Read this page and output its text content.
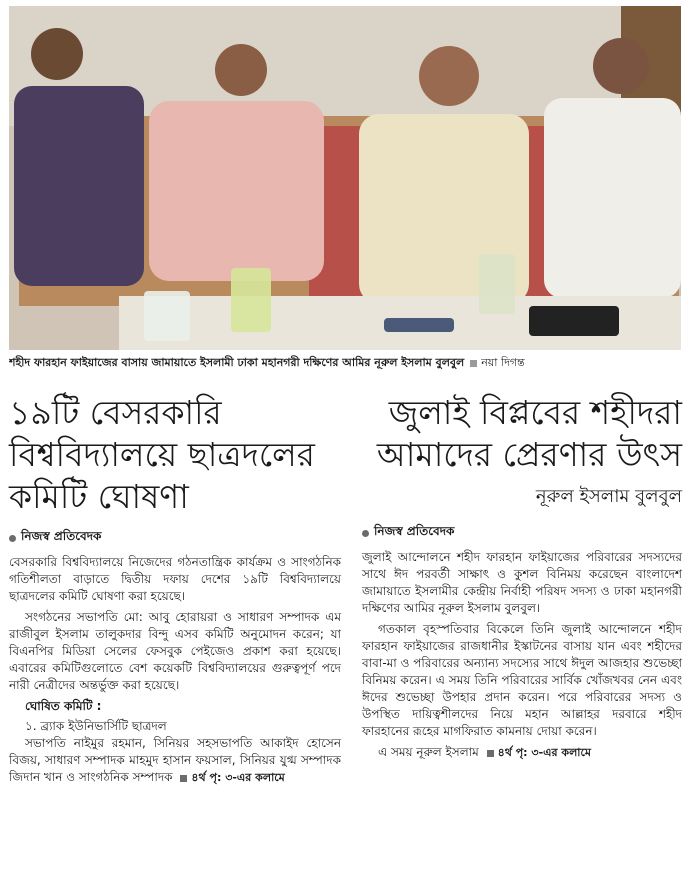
শহীদ ফারহান ফাইয়াজের বাসায় জামায়াতে ইসলামী ঢাকা মহানগরী দক্ষিণের আমির নূরুল ইসলাম বুলবুল নয়া দিগন্ত
১৯টি বেসরকারি বিশ্ববিদ্যালয়ে ছাত্রদলের কমিটি ঘোষণা
নিজস্ব প্রতিবেদক

বেসরকারি বিশ্ববিদ্যালয়ে নিজেদের গঠনতান্ত্রিক কার্যক্রম ও সাংগঠনিক গতিশীলতা বাড়াতে দ্বিতীয় দফায় দেশের ১৯টি বিশ্ববিদ্যালয়ে ছাত্রদলের কমিটি ঘোষণা করা হয়েছে।

সংগঠনের সভাপতি মো: আবু হোরায়রা ও সাধারণ সম্পাদক এম রাজীবুল ইসলাম তালুকদার বিন্দু এসব কমিটি অনুমোদন করেন; যা বিএনপির মিডিয়া সেলের ফেসবুক পেইজেও প্রকাশ করা হয়েছে। এবারের কমিটিগুলোতে বেশ কয়েকটি বিশ্ববিদ্যালয়ের গুরুত্বপূর্ণ পদে নারী নেত্রীদের অন্তর্ভুক্ত করা হয়েছে।

ঘোষিত কমিটি :

১. ব্র্যাক ইউনিভার্সিটি ছাত্রদল

সভাপতি নাইমুর রহমান, সিনিয়র সহসভাপতি আকাইদ হোসেন বিজয়, সাধারণ সম্পাদক মাহমুদ হাসান ফয়সাল, সিনিয়র যুগ্ম সম্পাদক জিদান খান ও সাংগঠনিক সম্পাদক ৪র্থ পৃ: ৩-এর কলামে

জুলাই বিপ্লবের শহীদরা আমাদের প্রেরণার উৎস
নূরুল ইসলাম বুলবুল
নিজস্ব প্রতিবেদক

জুলাই আন্দোলনে শহীদ ফারহান ফাইয়াজের পরিবারের সদস্যদের সাথে ঈদ পরবর্তী সাক্ষাৎ ও কুশল বিনিময় করেছেন বাংলাদেশ জামায়াতে ইসলামীর কেন্দ্রীয় নির্বাহী পরিষদ সদস্য ও ঢাকা মহানগরী দক্ষিণের আমির নূরুল ইসলাম বুলবুল।

গতকাল বৃহস্পতিবার বিকেলে তিনি জুলাই আন্দোলনে শহীদ ফারহান ফাইয়াজের রাজধানীর ইস্কাটনের বাসায় যান এবং শহীদের বাবা-মা ও পরিবারের অন্যান্য সদস্যের সাথে ঈদুল আজহার শুভেচ্ছা বিনিময় করেন। এ সময় তিনি পরিবারের সার্বিক খোঁজখবর নেন এবং ঈদের শুভেচ্ছা উপহার প্রদান করেন। পরে পরিবারের সদস্য ও উপস্থিত দায়িত্বশীলদের নিয়ে মহান আল্লাহর দরবারে শহীদ ফারহানের রূহের মাগফিরাত কামনায় দোয়া করেন।

এ সময় নূরুল ইসলাম ৪র্থ পৃ: ৩-এর কলামে
